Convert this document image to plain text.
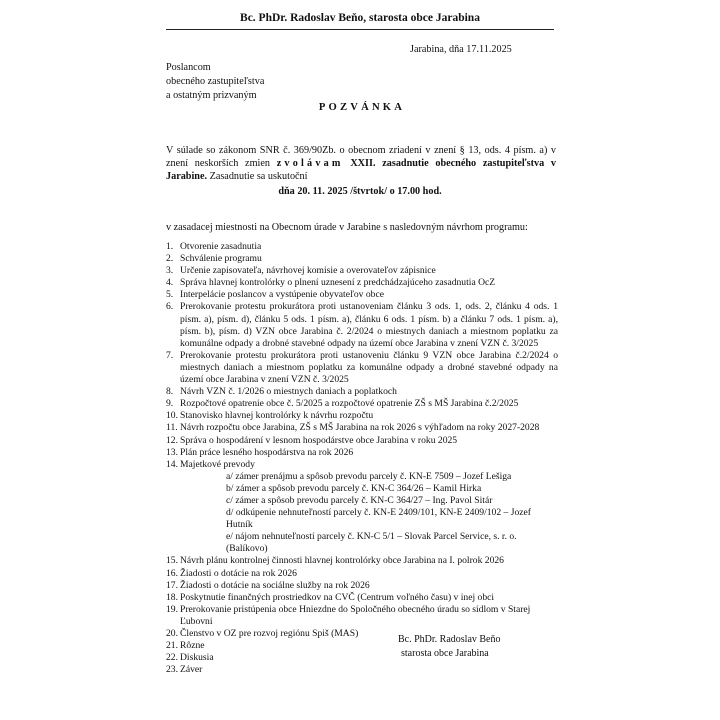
Bc. PhDr. Radoslav Beňo, starosta obce Jarabina
Jarabina, dňa 17.11.2025
Poslancom
obecného zastupiteľstva
a ostatným prizvaným
POZVÁNKA
V súlade so zákonom SNR č. 369/90Zb. o obecnom zriadení v znení § 13, ods. 4 písm. a) v znení neskorších zmien zvolávam XXII. zasadnutie obecného zastupiteľstva v Jarabine. Zasadnutie sa uskutoční
dňa 20. 11. 2025 /štvrtok/ o 17.00 hod.
v zasadacej miestnosti na Obecnom úrade v Jarabine s nasledovným návrhom programu:
1. Otvorenie zasadnutia
2. Schválenie programu
3. Určenie zapisovateľa, návrhovej komisie a overovateľov zápisnice
4. Správa hlavnej kontrolórky o plnení uznesení z predchádzajúceho zasadnutia OcZ
5. Interpelácie poslancov a vystúpenie obyvateľov obce
6. Prerokovanie protestu prokurátora proti ustanoveniam článku 3 ods. 1, ods. 2, článku 4 ods. 1 písm. a), písm. d), článku 5 ods. 1 písm. a), článku 6 ods. 1 písm. b) a článku 7 ods. 1 písm. a), písm. b), písm. d) VZN obce Jarabina č. 2/2024 o miestnych daniach a miestnom poplatku za komunálne odpady a drobné stavebné odpady na území obce Jarabina v znení VZN č. 3/2025
7. Prerokovanie protestu prokurátora proti ustanoveniu článku 9 VZN obce Jarabina č.2/2024 o miestnych daniach a miestnom poplatku za komunálne odpady a drobné stavebné odpady na území obce Jarabina v znení VZN č. 3/2025
8. Návrh VZN č. 1/2026 o miestnych daniach a poplatkoch
9. Rozpočtové opatrenie obce č. 5/2025 a rozpočtové opatrenie ZŠ s MŠ Jarabina č.2/2025
10. Stanovisko hlavnej kontrolórky k návrhu rozpočtu
11. Návrh rozpočtu obce Jarabina, ZŠ s MŠ Jarabina na rok 2026 s výhľadom na roky 2027-2028
12. Správa o hospodárení v lesnom hospodárstve obce Jarabina v roku 2025
13. Plán práce lesného hospodárstva na rok 2026
14. Majetkové prevody
a/ zámer prenájmu a spôsob prevodu parcely č. KN-E 7509 – Jozef Lešiga
b/ zámer a spôsob prevodu parcely č. KN-C 364/26 – Kamil Hirka
c/ zámer a spôsob prevodu parcely č. KN-C 364/27 – Ing. Pavol Sitár
d/ odkúpenie nehnuteľností parcely č. KN-E 2409/101, KN-E 2409/102 – Jozef Hutník
e/ nájom nehnuteľností parcely č. KN-C 5/1 – Slovak Parcel Service, s. r. o. (Balíkovo)
15. Návrh plánu kontrolnej činnosti hlavnej kontrolórky obce Jarabina na I. polrok 2026
16. Žiadosti o dotácie na rok 2026
17. Žiadosti o dotácie na sociálne služby na rok 2026
18. Poskytnutie finančných prostriedkov na CVČ (Centrum voľného času) v inej obci
19. Prerokovanie pristúpenia obce Hniezdne do Spoločného obecného úradu so sídlom v Starej Ľubovni
20. Členstvo v OZ pre rozvoj regiónu Spiš (MAS)
21. Rôzne
22. Diskusia
23. Záver
Bc. PhDr. Radoslav Beňo
starosta obce Jarabina
